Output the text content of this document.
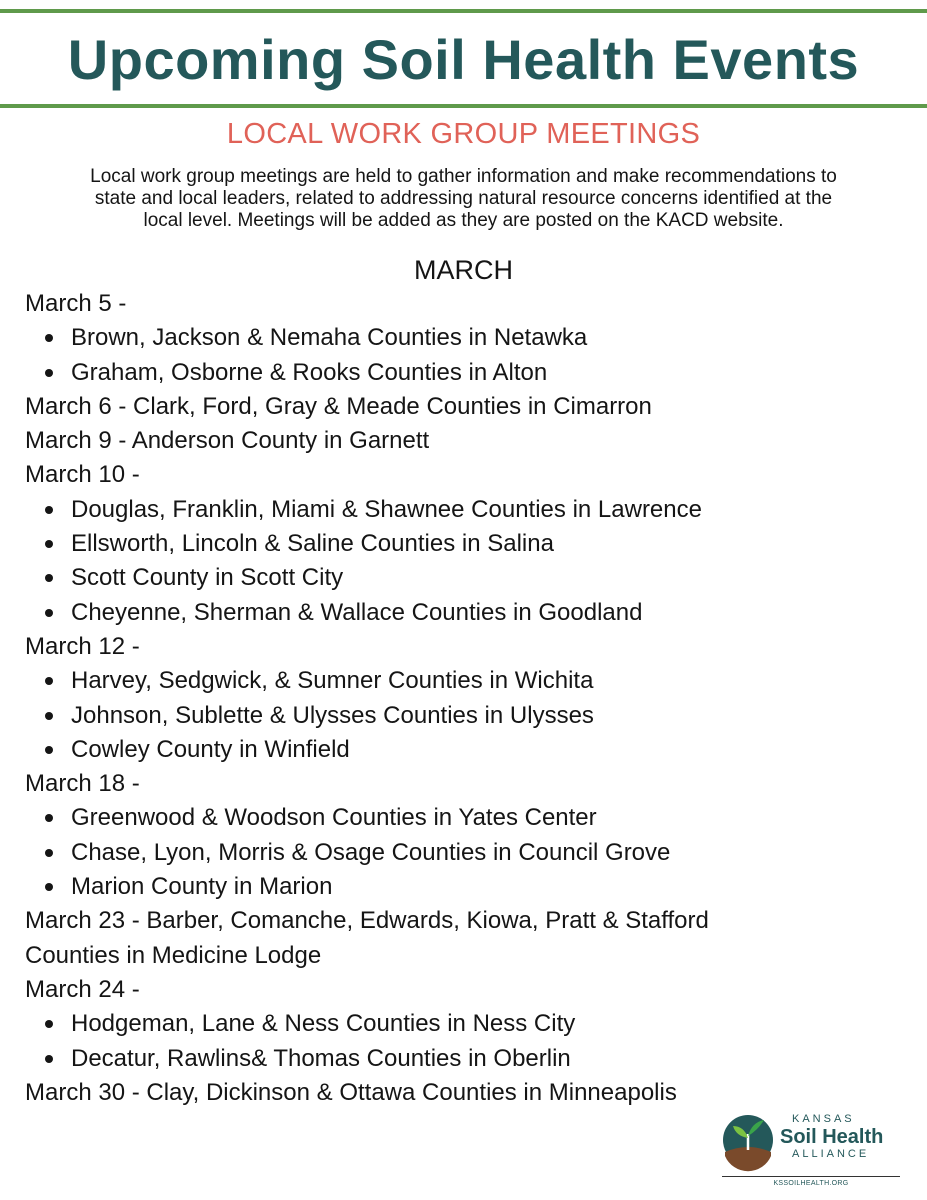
Upcoming Soil Health Events
LOCAL WORK GROUP MEETINGS
Local work group meetings are held to gather information and make recommendations to
state and local leaders, related to addressing natural resource concerns identified at the
local level. Meetings will be added as they are posted on the KACD website.
MARCH

March 5 -

Brown, Jackson & Nemaha Counties in Netawka
Graham, Osborne & Rooks Counties in Alton

March 6 - Clark, Ford, Gray & Meade Counties in Cimarron

March 9 - Anderson County in Garnett

March 10 -

Douglas, Franklin, Miami & Shawnee Counties in Lawrence
Ellsworth, Lincoln & Saline Counties in Salina
Scott County in Scott City
Cheyenne, Sherman & Wallace Counties in Goodland

March 12 -

Harvey, Sedgwick, & Sumner Counties in Wichita
Johnson, Sublette & Ulysses Counties in Ulysses
Cowley County in Winfield

March 18 -

Greenwood & Woodson Counties in Yates Center
Chase, Lyon, Morris & Osage Counties in Council Grove
Marion County in Marion

March 23 - Barber, Comanche, Edwards, Kiowa, Pratt & Stafford

Counties in Medicine Lodge

March 24 -

Hodgeman, Lane & Ness Counties in Ness City
Decatur, Rawlins& Thomas Counties in Oberlin

March 30 - Clay, Dickinson & Ottawa Counties in Minneapolis

KANSAS
Soil Health
ALLIANCE
KSSOILHEALTH.ORG
